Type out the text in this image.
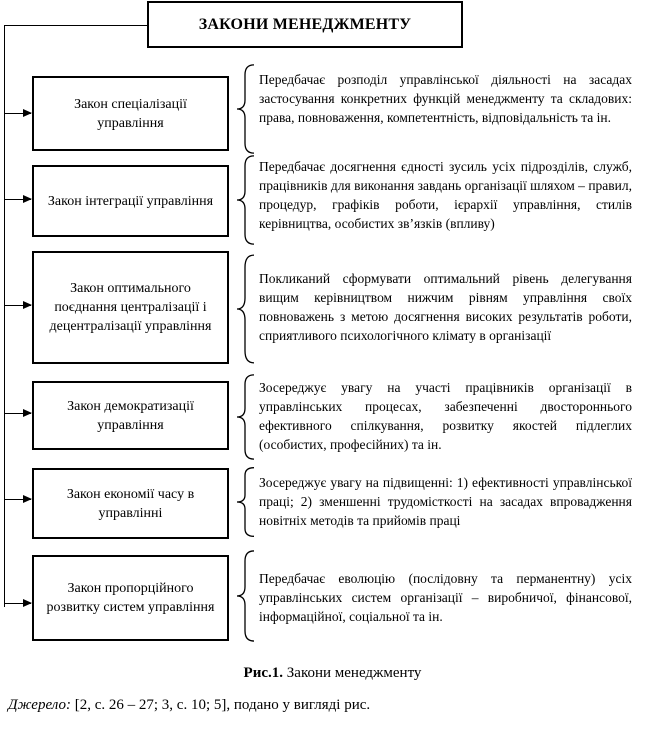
ЗАКОНИ МЕНЕДЖМЕНТУ
Закон спеціалізації управління
Передбачає розподіл управлінської діяльності на засадах застосування конкретних функцій менеджменту та складових: права, повноваження, компетентність, відповідальність та ін.
Закон інтеграції управління
Передбачає досягнення єдності зусиль усіх підрозділів, служб, працівників для виконання завдань організації шляхом – правил, процедур, графіків роботи, ієрархії управління, стилів керівництва, особистих зв’язків (впливу)
Закон оптимального поєднання централізації і децентралізації управління
Покликаний сформувати оптимальний рівень делегування вищим керівництвом нижчим рівням управління своїх повноважень з метою досягнення високих результатів роботи, сприятливого психологічного клімату в організації
Закон демократизації управління
Зосереджує увагу на участі працівників організації в управлінських процесах, забезпеченні двостороннього ефективного спілкування, розвитку якостей підлеглих (особистих, професійних) та ін.
Закон економії часу в управлінні
Зосереджує увагу на підвищенні: 1) ефективності управлінської праці; 2) зменшенні трудомісткості на засадах впровадження новітніх методів та прийомів праці
Закон пропорційного розвитку систем управління
Передбачає еволюцію (послідовну та перманентну) усіх управлінських систем організації – виробничої, фінансової, інформаційної, соціальної та ін.
Рис.1. Закони менеджменту
Джерело: [2, с. 26 – 27; 3, с. 10; 5], подано у вигляді рис.
